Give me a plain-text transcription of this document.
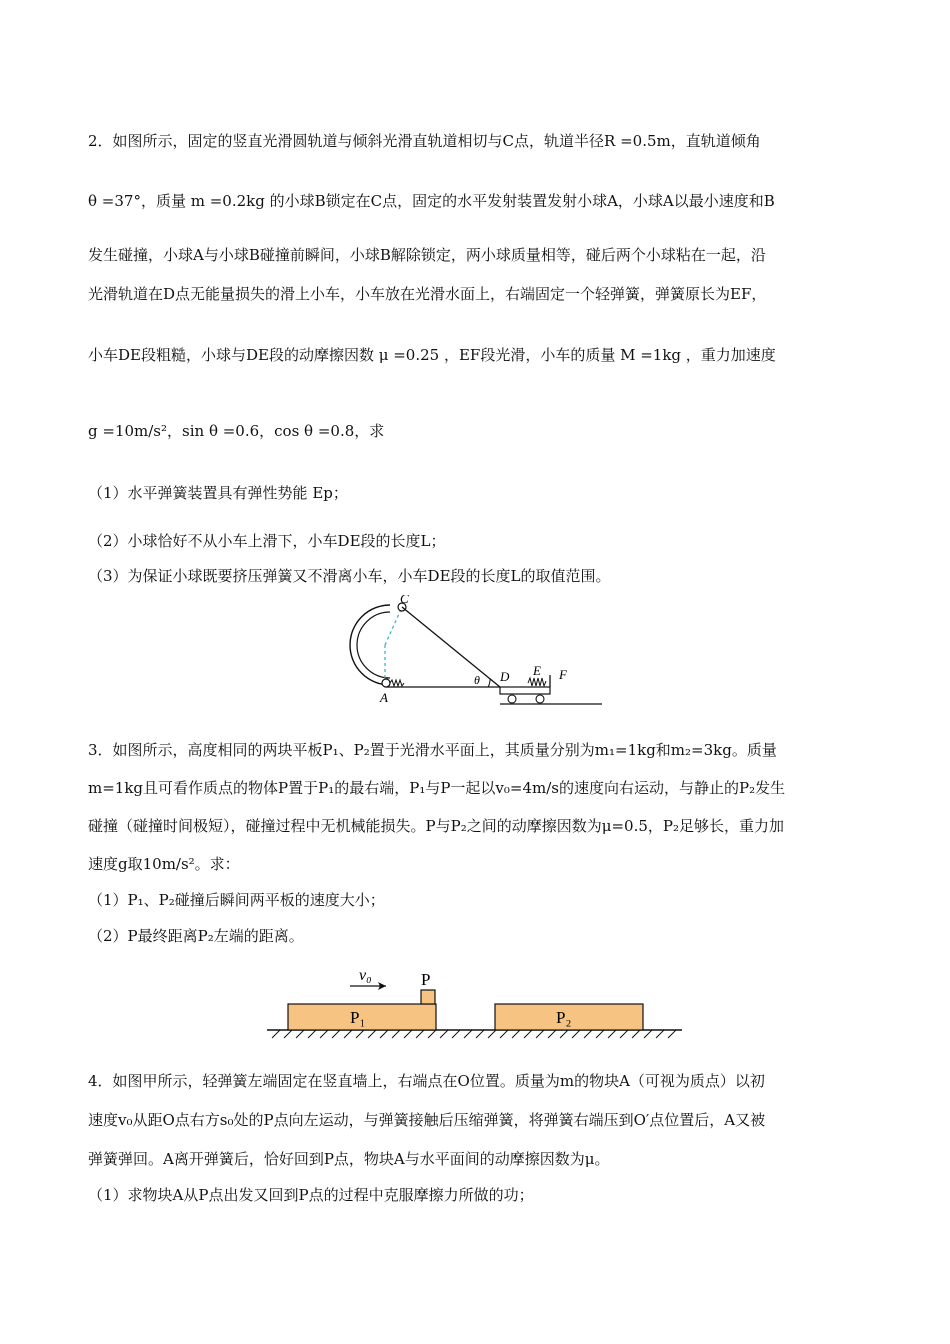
2．如图所示，固定的竖直光滑圆轨道与倾斜光滑直轨道相切与C点，轨道半径R =0.5m，直轨道倾角
θ =37°，质量 m =0.2kg 的小球B锁定在C点，固定的水平发射装置发射小球A，小球A以最小速度和B
发生碰撞，小球A与小球B碰撞前瞬间，小球B解除锁定，两小球质量相等，碰后两个小球粘在一起，沿
光滑轨道在D点无能量损失的滑上小车，小车放在光滑水面上，右端固定一个轻弹簧，弹簧原长为EF，
小车DE段粗糙，小球与DE段的动摩擦因数 μ =0.25 ，EF段光滑，小车的质量 M =1kg ，重力加速度
g =10m/s²，sin θ =0.6，cos θ =0.8，求
（1）水平弹簧装置具有弹性势能 Ep；
（2）小球恰好不从小车上滑下，小车DE段的长度L；
（3）为保证小球既要挤压弹簧又不滑离小车，小车DE段的长度L的取值范围。
C
A
θ D E F
3．如图所示，高度相同的两块平板P₁、P₂置于光滑水平面上，其质量分别为m₁=1kg和m₂=3kg。质量
m=1kg且可看作质点的物体P置于P₁的最右端，P₁与P一起以v₀=4m/s的速度向右运动，与静止的P₂发生
碰撞（碰撞时间极短），碰撞过程中无机械能损失。P与P₂之间的动摩擦因数为μ=0.5，P₂足够长，重力加
速度g取10m/s²。求：
（1）P₁、P₂碰撞后瞬间两平板的速度大小；
（2）P最终距离P₂左端的距离。
v₀	P
P₁	P₂
4．如图甲所示，轻弹簧左端固定在竖直墙上，右端点在O位置。质量为m的物块A（可视为质点）以初
速度v₀从距O点右方s₀处的P点向左运动，与弹簧接触后压缩弹簧，将弹簧右端压到O′点位置后，A又被
弹簧弹回。A离开弹簧后，恰好回到P点，物块A与水平面间的动摩擦因数为μ。
（1）求物块A从P点出发又回到P点的过程中克服摩擦力所做的功；
